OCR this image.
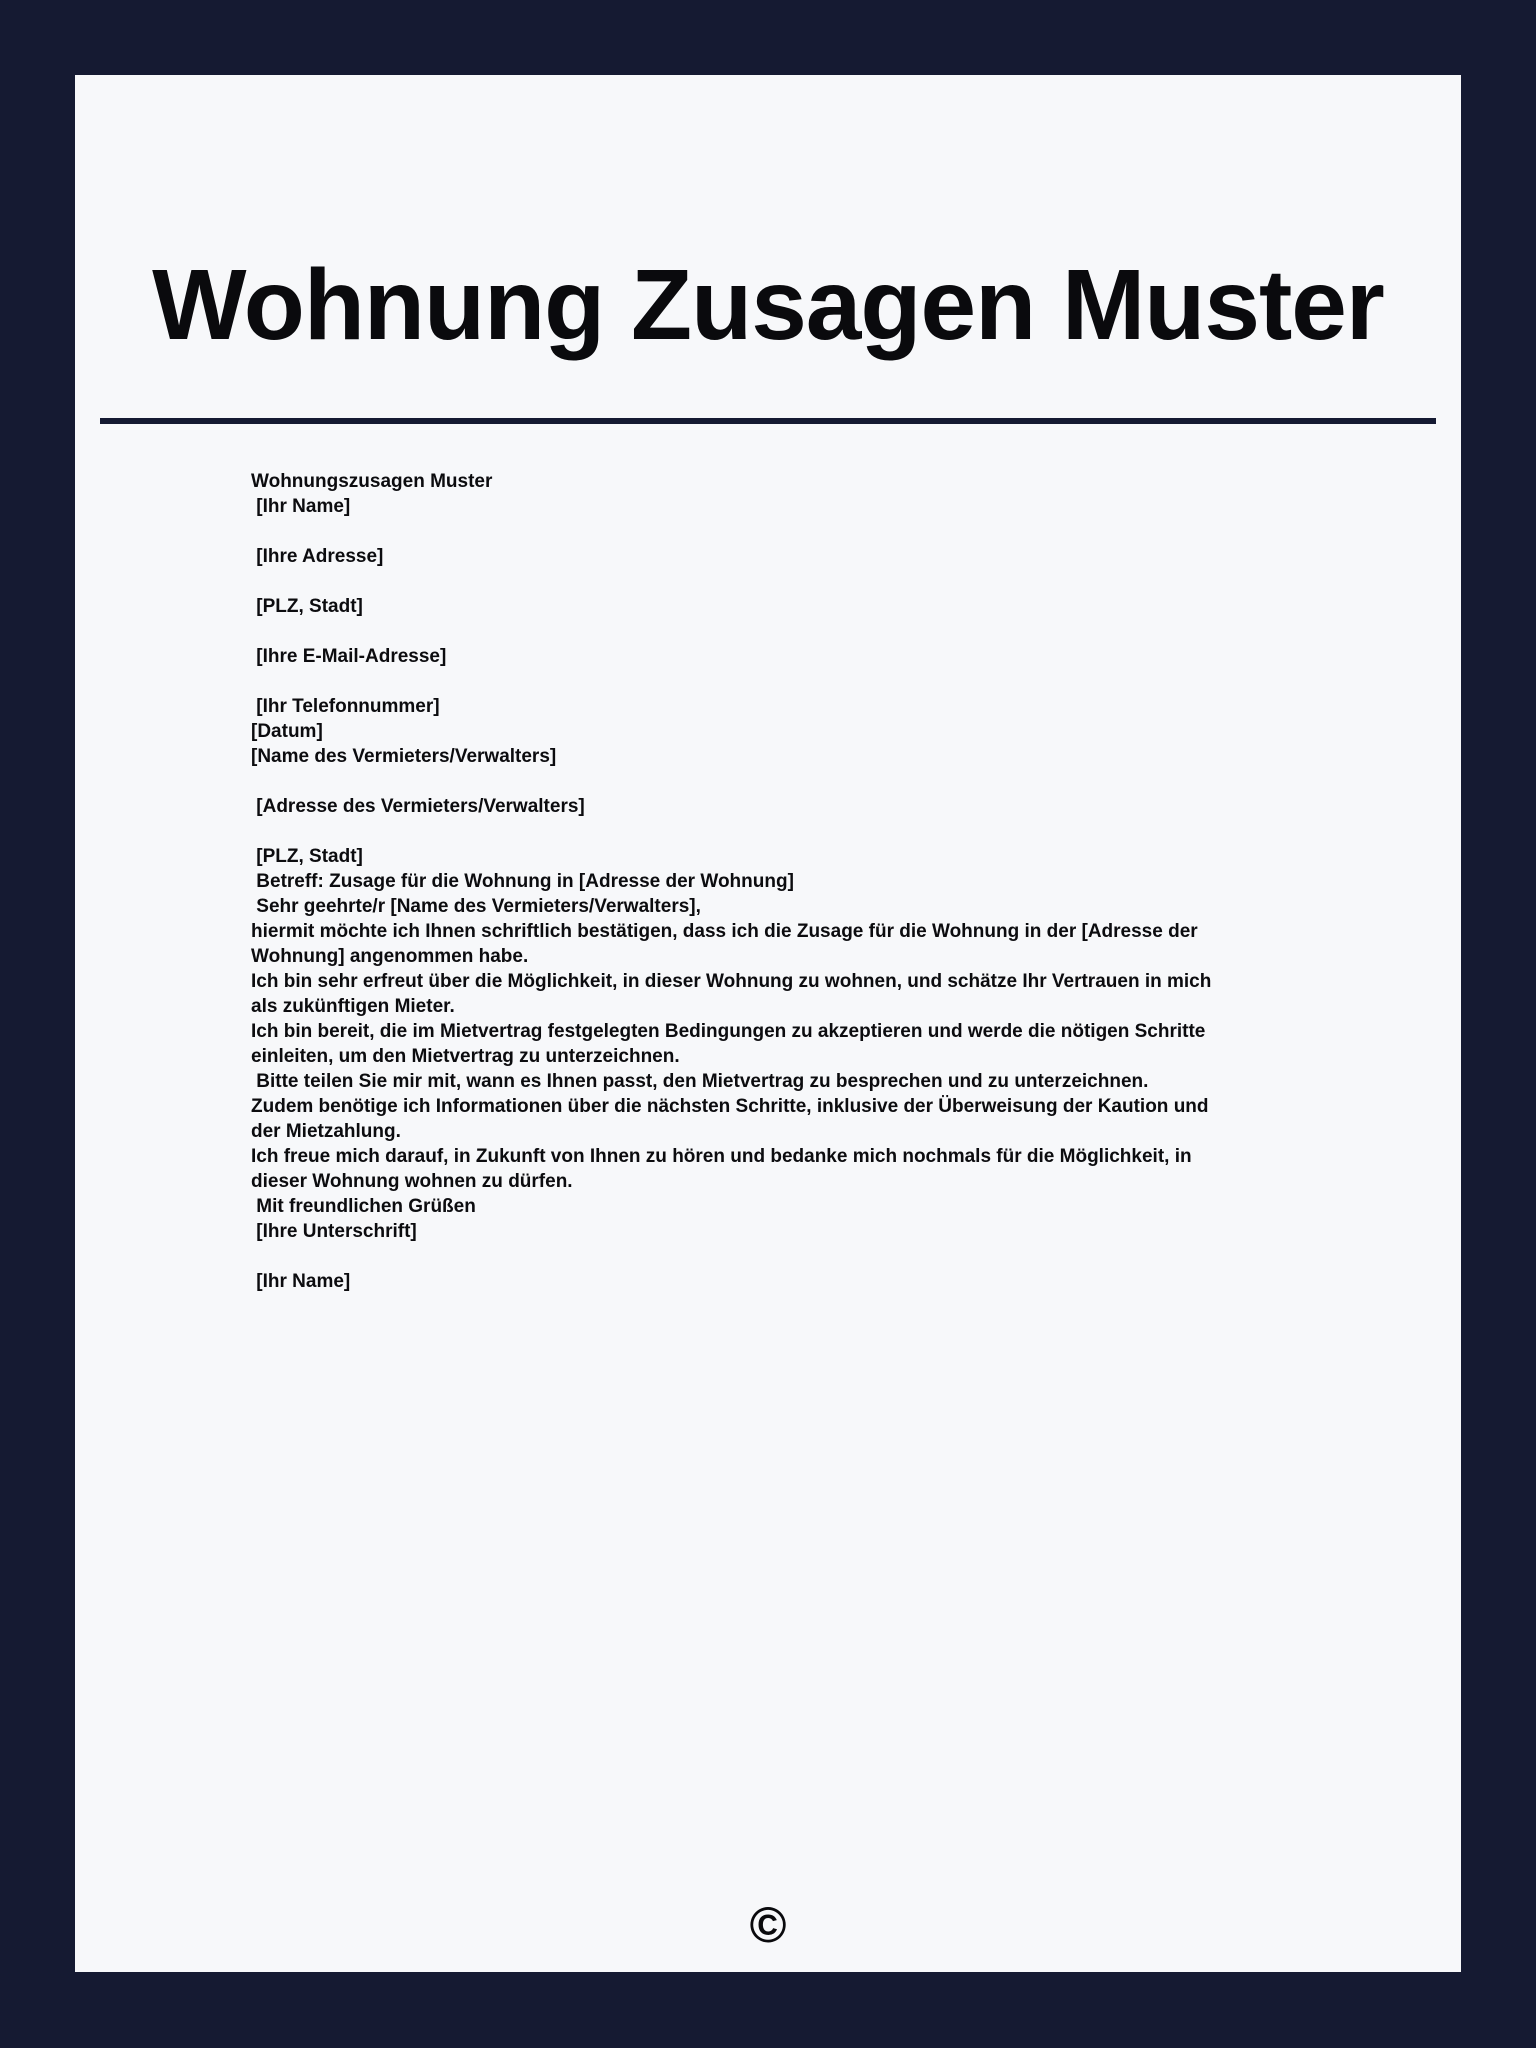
Wohnung Zusagen Muster
Wohnungszusagen Muster
[Ihr Name]
[Ihre Adresse]
[PLZ, Stadt]
[Ihre E-Mail-Adresse]
[Ihr Telefonnummer]
[Datum]
[Name des Vermieters/Verwalters]
[Adresse des Vermieters/Verwalters]
[PLZ, Stadt]
Betreff: Zusage für die Wohnung in [Adresse der Wohnung]
Sehr geehrte/r [Name des Vermieters/Verwalters],
hiermit möchte ich Ihnen schriftlich bestätigen, dass ich die Zusage für die Wohnung in der [Adresse der
Wohnung] angenommen habe.
Ich bin sehr erfreut über die Möglichkeit, in dieser Wohnung zu wohnen, und schätze Ihr Vertrauen in mich
als zukünftigen Mieter.
Ich bin bereit, die im Mietvertrag festgelegten Bedingungen zu akzeptieren und werde die nötigen Schritte
einleiten, um den Mietvertrag zu unterzeichnen.
Bitte teilen Sie mir mit, wann es Ihnen passt, den Mietvertrag zu besprechen und zu unterzeichnen.
Zudem benötige ich Informationen über die nächsten Schritte, inklusive der Überweisung der Kaution und
der Mietzahlung.
Ich freue mich darauf, in Zukunft von Ihnen zu hören und bedanke mich nochmals für die Möglichkeit, in
dieser Wohnung wohnen zu dürfen.
Mit freundlichen Grüßen
[Ihre Unterschrift]
[Ihr Name]
©
